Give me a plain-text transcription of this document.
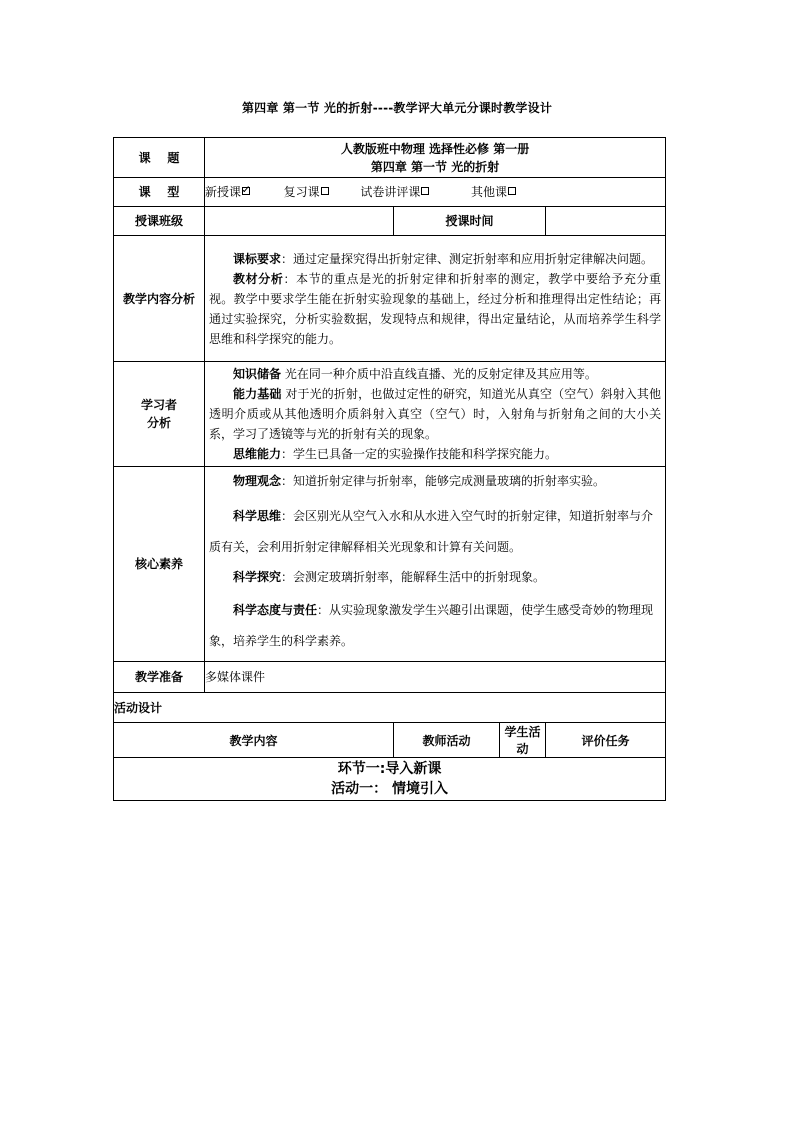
第四章 第一节 光的折射----教学评大单元分课时教学设计
课    题	人教版班中物理 选择性必修 第一册
第四章 第一节 光的折射			

课    型	新授课 复习课 试卷讲评课 其他课			
授课班级		授课时间		
教学内容分析	课标要求：通过定量探究得出折射定律、测定折射率和应用折射定律解决问题。
教材分析：本节的重点是光的折射定律和折射率的测定，教学中要给予充分重视。教学中要求学生能在折射实验现象的基础上，经过分析和推理得出定性结论；再通过实验探究，分析实验数据，发现特点和规律，得出定量结论，从而培养学生科学思维和科学探究的能力。			

学习者分析	知识储备 光在同一种介质中沿直线直播、光的反射定律及其应用等。
能力基础 对于光的折射，也做过定性的研究，知道光从真空（空气）斜射入其他透明介质或从其他透明介质斜射入真空（空气）时，入射角与折射角之间的大小关系，学习了透镜等与光的折射有关的现象。
思维能力：学生已具备一定的实验操作技能和科学探究能力。			

核心素养	物理观念：知道折射定律与折射率，能够完成测量玻璃的折射率实验。
科学思维：会区别光从空气入水和从水进入空气时的折射定律，知道折射率与介质有关，会利用折射定律解释相关光现象和计算有关问题。
科学探究：会测定玻璃折射率，能解释生活中的折射现象。
科学态度与责任：从实验现象激发学生兴趣引出课题，使学生感受奇妙的物理现象，培养学生的科学素养。			

教学准备	多媒体课件			
活动设计				
教学内容		教师活动	学生活动	评价任务

环节一:导入新课
活动一： 情境引入				
